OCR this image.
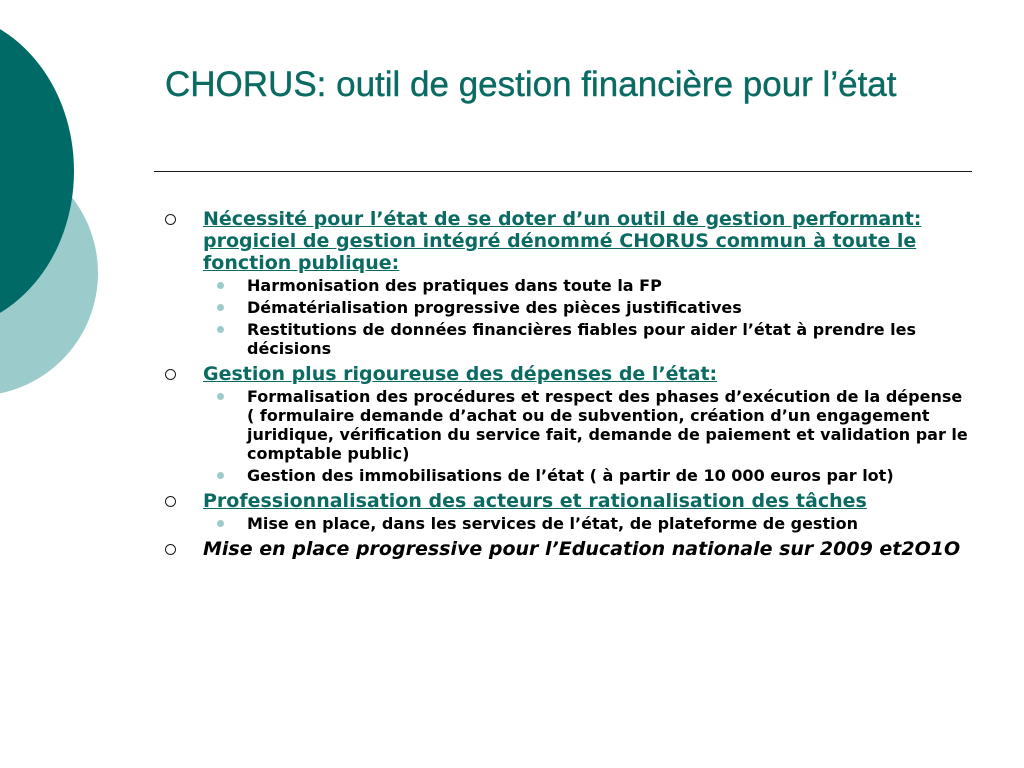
CHORUS: outil de gestion financière pour l’état
Nécessité pour l’état de se doter d’un outil de gestion performant: progiciel de gestion intégré dénommé CHORUS commun à toute le fonction publique:
Harmonisation des pratiques dans toute la FP
Dématérialisation progressive des pièces justificatives
Restitutions de données financières fiables pour aider l’état à prendre les décisions
Gestion plus rigoureuse des dépenses de l’état:
Formalisation des procédures et respect des phases d’exécution de la dépense ( formulaire demande d’achat ou de subvention, création d’un engagement juridique, vérification du service fait, demande de paiement et validation par le comptable public)
Gestion des immobilisations de l’état ( à partir de 10 000 euros par lot)
Professionnalisation des acteurs et rationalisation des tâches
Mise en place, dans les services de l’état, de plateforme de gestion
Mise en place progressive pour l’Education nationale sur 2009 et2O1O
